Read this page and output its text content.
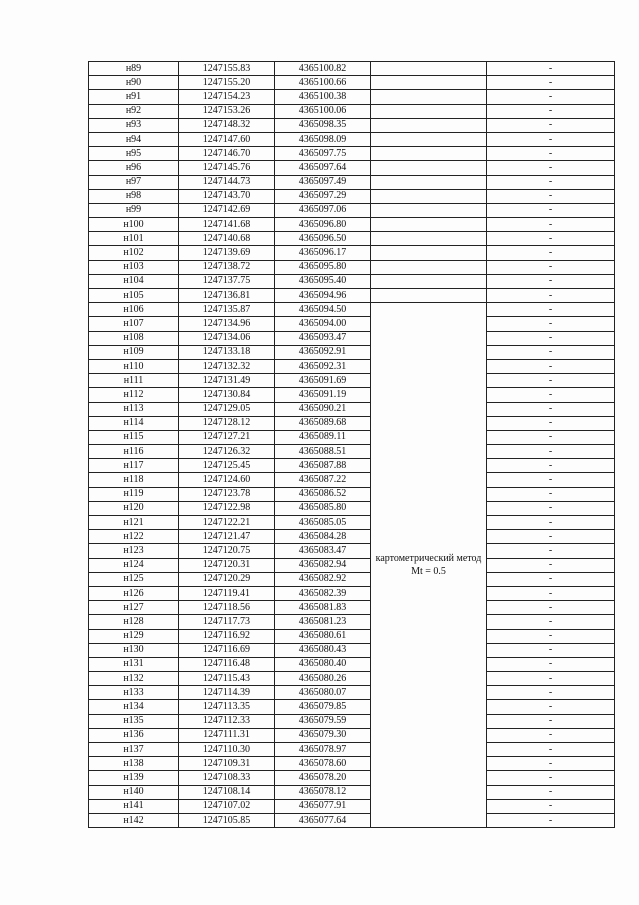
н89	1247155.83	4365100.82		-
н90	1247155.20	4365100.66		-
н91	1247154.23	4365100.38		-
н92	1247153.26	4365100.06		-
н93	1247148.32	4365098.35		-
н94	1247147.60	4365098.09		-
н95	1247146.70	4365097.75		-
н96	1247145.76	4365097.64		-
н97	1247144.73	4365097.49		-
н98	1247143.70	4365097.29		-
н99	1247142.69	4365097.06		-
н100	1247141.68	4365096.80		-
н101	1247140.68	4365096.50		-
н102	1247139.69	4365096.17		-
н103	1247138.72	4365095.80		-
н104	1247137.75	4365095.40		-
н105	1247136.81	4365094.96		-
н106	1247135.87	4365094.50	картометрический метод Mt = 0.5	-
н107	1247134.96	4365094.00		-
н108	1247134.06	4365093.47		-
н109	1247133.18	4365092.91		-
н110	1247132.32	4365092.31		-
н111	1247131.49	4365091.69		-
н112	1247130.84	4365091.19		-
н113	1247129.05	4365090.21		-
н114	1247128.12	4365089.68		-
н115	1247127.21	4365089.11		-
н116	1247126.32	4365088.51		-
н117	1247125.45	4365087.88		-
н118	1247124.60	4365087.22		-
н119	1247123.78	4365086.52		-
н120	1247122.98	4365085.80		-
н121	1247122.21	4365085.05		-
н122	1247121.47	4365084.28		-
н123	1247120.75	4365083.47		-
н124	1247120.31	4365082.94		-
н125	1247120.29	4365082.92		-
н126	1247119.41	4365082.39		-
н127	1247118.56	4365081.83		-
н128	1247117.73	4365081.23		-
н129	1247116.92	4365080.61		-
н130	1247116.69	4365080.43		-
н131	1247116.48	4365080.40		-
н132	1247115.43	4365080.26		-
н133	1247114.39	4365080.07		-
н134	1247113.35	4365079.85		-
н135	1247112.33	4365079.59		-
н136	1247111.31	4365079.30		-
н137	1247110.30	4365078.97		-
н138	1247109.31	4365078.60		-
н139	1247108.33	4365078.20		-
н140	1247108.14	4365078.12		-
н141	1247107.02	4365077.91		-
н142	1247105.85	4365077.64		-
